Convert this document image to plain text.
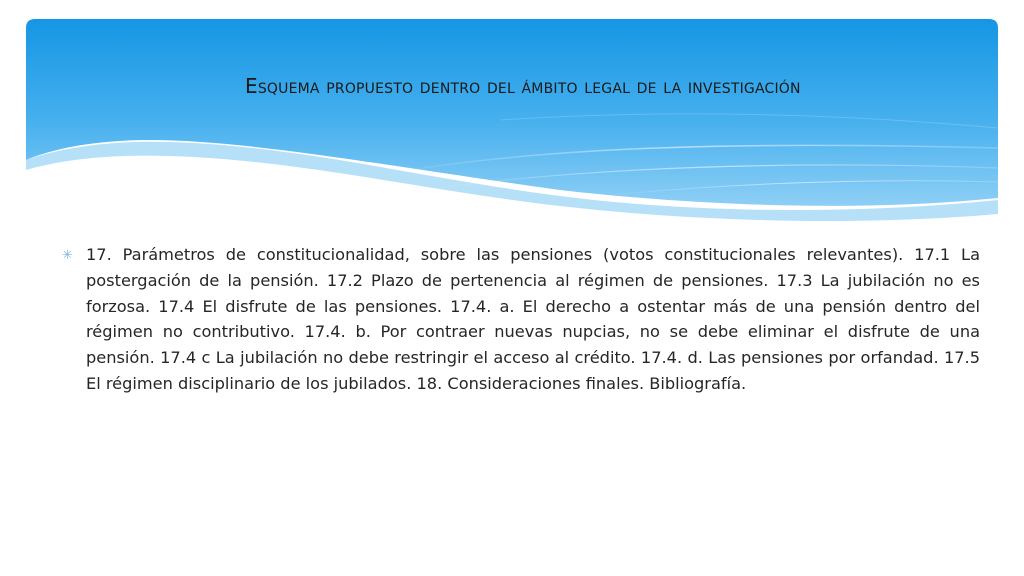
Esquema propuesto dentro del ámbito legal de la investigación
✳ 17. Parámetros de constitucionalidad, sobre las pensiones (votos constitucionales relevantes). 17.1 La postergación de la pensión. 17.2 Plazo de pertenencia al régimen de pensiones. 17.3 La jubilación no es forzosa. 17.4 El disfrute de las pensiones. 17.4. a. El derecho a ostentar más de una pensión dentro del régimen no contributivo. 17.4. b. Por contraer nuevas nupcias, no se debe eliminar el disfrute de una pensión. 17.4 c La jubilación no debe restringir el acceso al crédito. 17.4. d. Las pensiones por orfandad. 17.5 El régimen disciplinario de los jubilados. 18. Consideraciones finales. Bibliografía.
